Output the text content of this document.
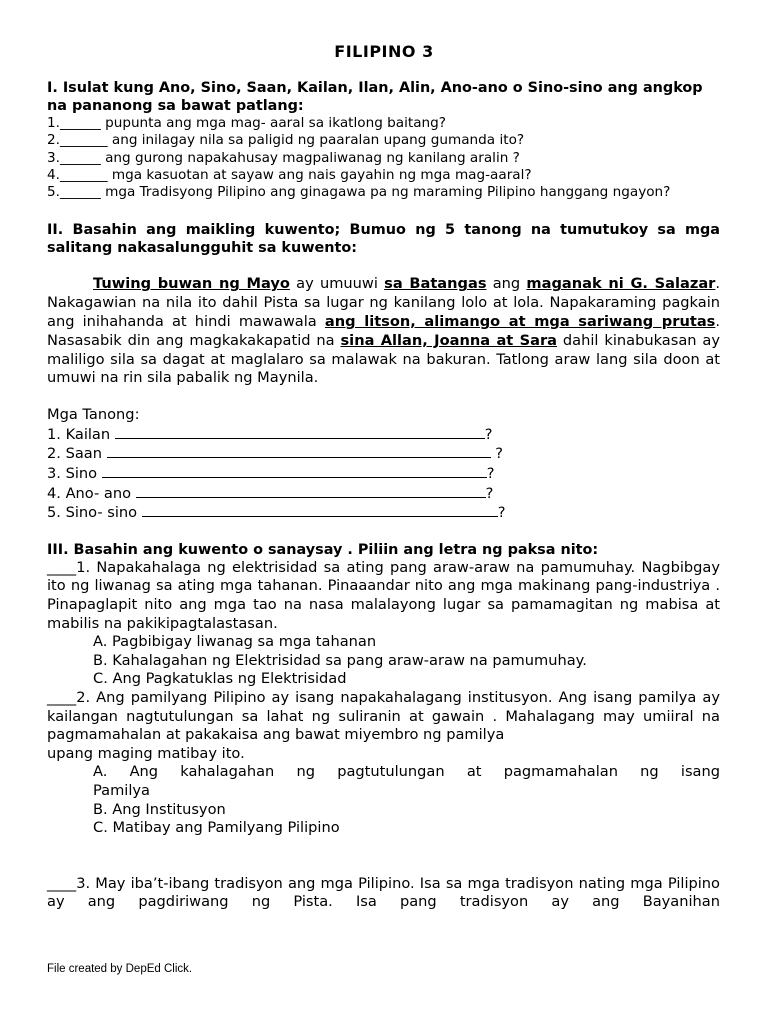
FILIPINO 3
I. Isulat kung Ano, Sino, Saan, Kailan, Ilan, Alin, Ano-ano o Sino-sino ang angkop na pananong sa bawat patlang:
1.______ pupunta ang mga mag- aaral sa ikatlong baitang?
2._______ ang inilagay nila sa paligid ng paaralan upang gumanda ito?
3.______ ang gurong napakahusay magpaliwanag ng kanilang aralin ?
4._______ mga kasuotan at sayaw ang nais gayahin ng mga mag-aaral?
5.______ mga Tradisyong Pilipino ang ginagawa pa ng maraming Pilipino hanggang ngayon?
II. Basahin ang maikling kuwento; Bumuo ng 5 tanong na tumutukoy sa mga salitang nakasalungguhit sa kuwento:
Tuwing buwan ng Mayo ay umuuwi sa Batangas ang maganak ni G. Salazar. Nakagawian na nila ito dahil Pista sa lugar ng kanilang lolo at lola. Napakaraming pagkain ang inihahanda at hindi mawawala ang litson, alimango at mga sariwang prutas. Nasasabik din ang magkakakapatid na sina Allan, Joanna at Sara dahil kinabukasan ay maliligo sila sa dagat at maglalaro sa malawak na bakuran. Tatlong araw lang sila doon at umuwi na rin sila pabalik ng Maynila.
Mga Tanong:
1. Kailan	?
2. Saan	?
3. Sino	?
4. Ano- ano	?
5. Sino- sino	?
III. Basahin ang kuwento o sanaysay . Piliin ang letra ng paksa nito:
____1. Napakahalaga ng elektrisidad sa ating pang araw-araw na pamumuhay. Nagbibgay ito ng liwanag sa ating mga tahanan. Pinaaandar nito ang mga makinang pang-industriya . Pinapaglapit nito ang mga tao na nasa malalayong lugar sa pamamagitan ng mabisa at mabilis na pakikipagtalastasan.
A. Pagbibigay liwanag sa mga tahanan
B. Kahalagahan ng Elektrisidad sa pang araw-araw na pamumuhay.
C. Ang Pagkatuklas ng Elektrisidad
____2. Ang pamilyang Pilipino ay isang napakahalagang institusyon. Ang isang pamilya ay kailangan nagtutulungan sa lahat ng suliranin at gawain . Mahalagang may umiiral na pagmamahalan at pakakaisa ang bawat miyembro ng pamilya
upang maging matibay ito.
A. Ang kahalagahan ng pagtutulungan at pagmamahalan ng isang
Pamilya
B. Ang Institusyon
C. Matibay ang Pamilyang Pilipino
____3. May iba’t-ibang tradisyon ang mga Pilipino. Isa sa mga tradisyon nating mga Pilipino ay ang pagdiriwang ng Pista. Isa pang tradisyon ay ang Bayanihan
File created by DepEd Click.
